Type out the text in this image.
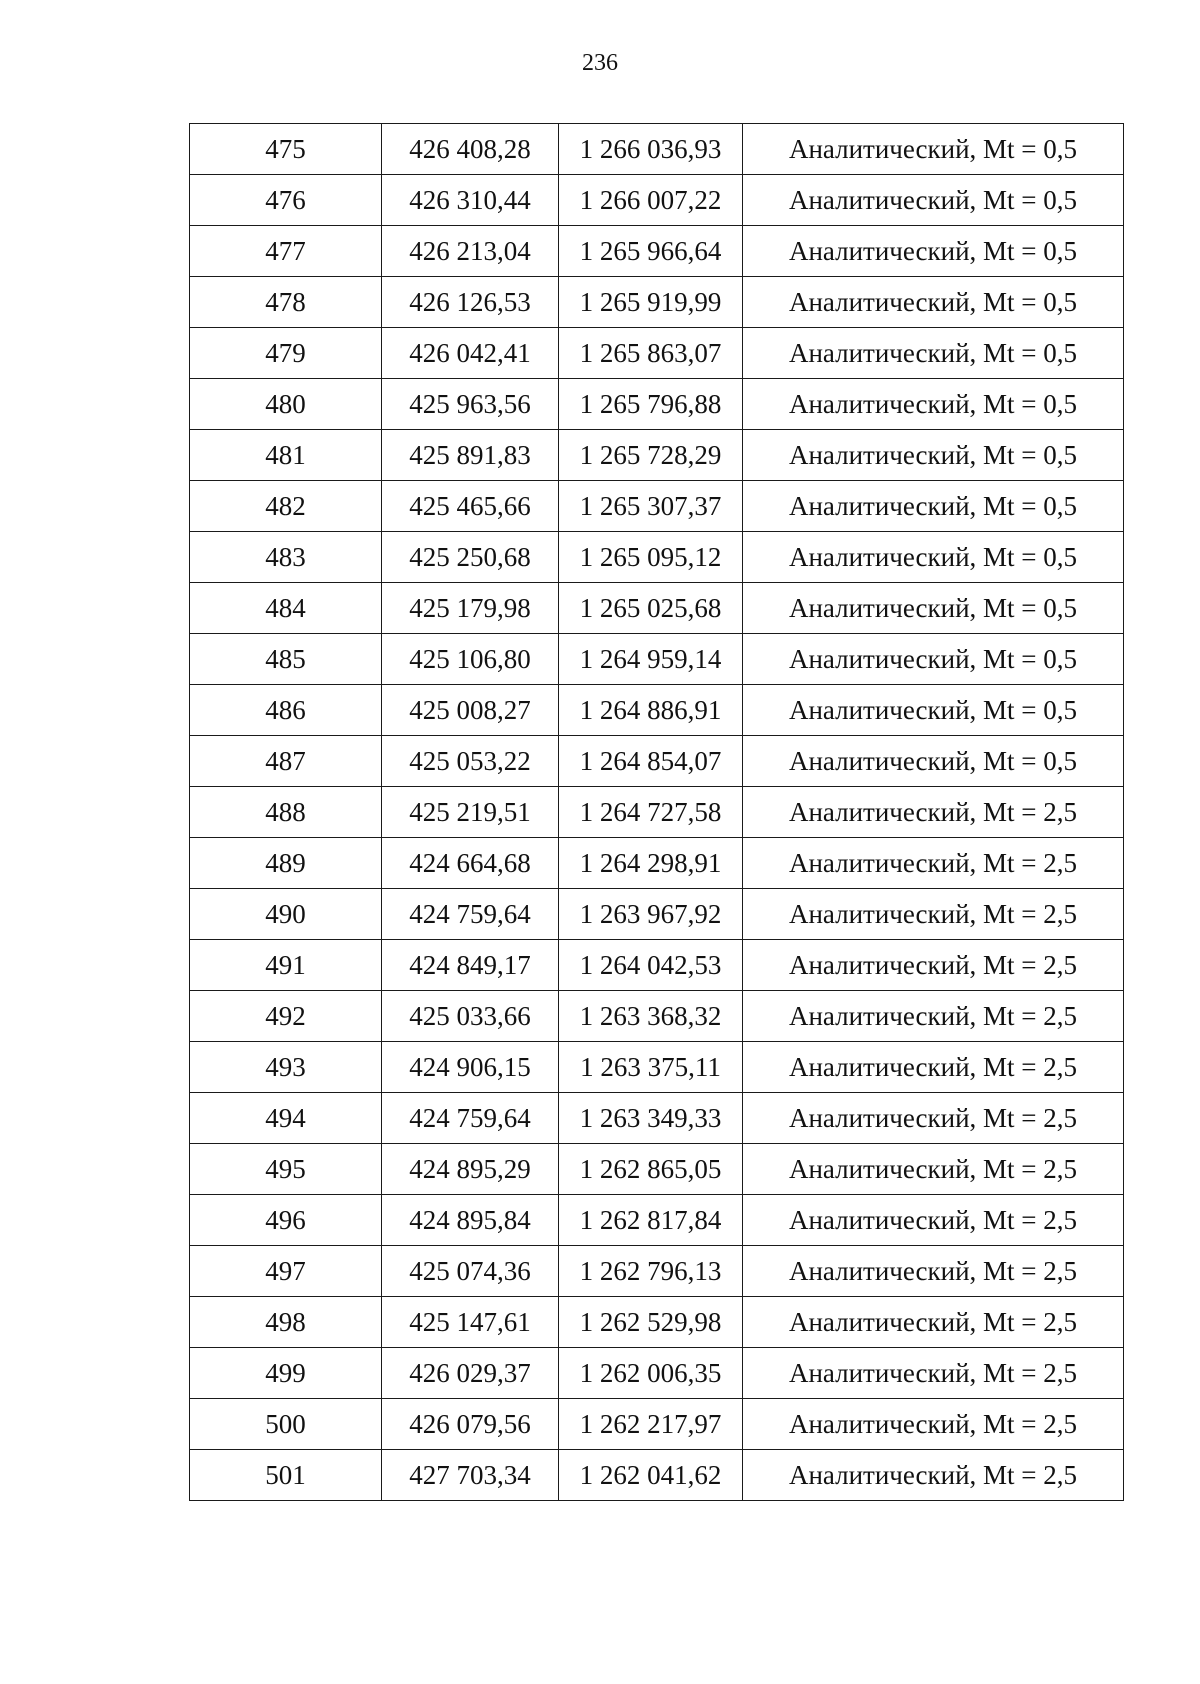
236
475	426 408,28	1 266 036,93	Аналитический, Mt = 0,5
476	426 310,44	1 266 007,22	Аналитический, Mt = 0,5
477	426 213,04	1 265 966,64	Аналитический, Mt = 0,5
478	426 126,53	1 265 919,99	Аналитический, Mt = 0,5
479	426 042,41	1 265 863,07	Аналитический, Mt = 0,5
480	425 963,56	1 265 796,88	Аналитический, Mt = 0,5
481	425 891,83	1 265 728,29	Аналитический, Mt = 0,5
482	425 465,66	1 265 307,37	Аналитический, Mt = 0,5
483	425 250,68	1 265 095,12	Аналитический, Mt = 0,5
484	425 179,98	1 265 025,68	Аналитический, Mt = 0,5
485	425 106,80	1 264 959,14	Аналитический, Mt = 0,5
486	425 008,27	1 264 886,91	Аналитический, Mt = 0,5
487	425 053,22	1 264 854,07	Аналитический, Mt = 0,5
488	425 219,51	1 264 727,58	Аналитический, Mt = 2,5
489	424 664,68	1 264 298,91	Аналитический, Mt = 2,5
490	424 759,64	1 263 967,92	Аналитический, Mt = 2,5
491	424 849,17	1 264 042,53	Аналитический, Mt = 2,5
492	425 033,66	1 263 368,32	Аналитический, Mt = 2,5
493	424 906,15	1 263 375,11	Аналитический, Mt = 2,5
494	424 759,64	1 263 349,33	Аналитический, Mt = 2,5
495	424 895,29	1 262 865,05	Аналитический, Mt = 2,5
496	424 895,84	1 262 817,84	Аналитический, Mt = 2,5
497	425 074,36	1 262 796,13	Аналитический, Mt = 2,5
498	425 147,61	1 262 529,98	Аналитический, Mt = 2,5
499	426 029,37	1 262 006,35	Аналитический, Mt = 2,5
500	426 079,56	1 262 217,97	Аналитический, Mt = 2,5
501	427 703,34	1 262 041,62	Аналитический, Mt = 2,5
